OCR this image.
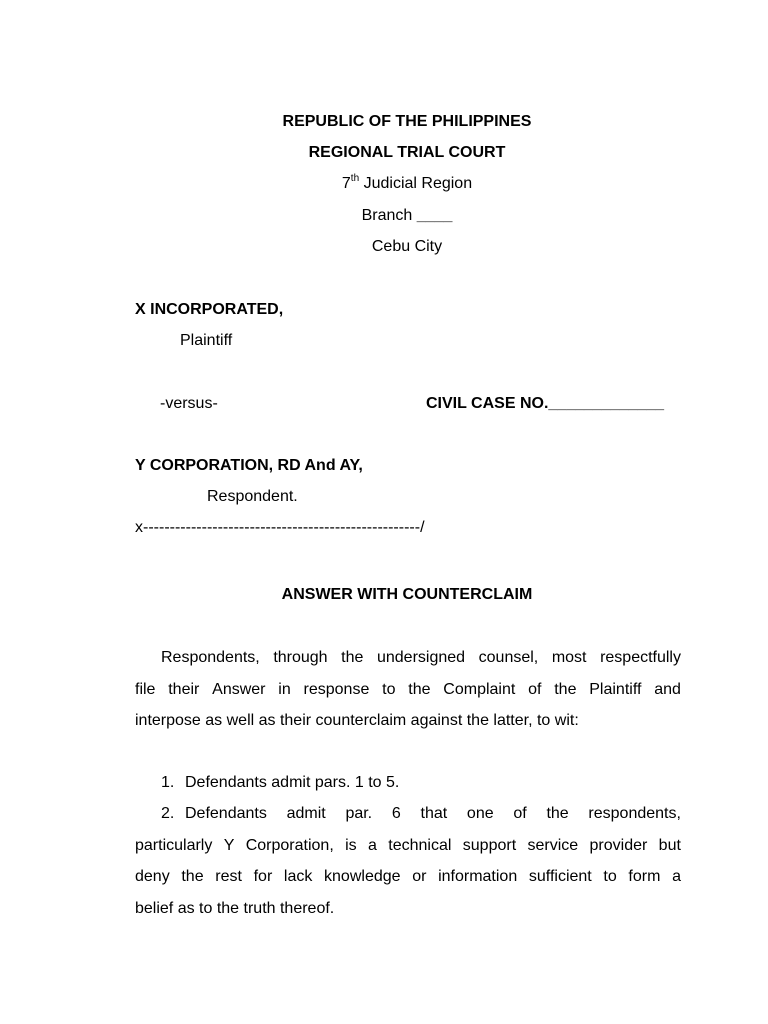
REPUBLIC OF THE PHILIPPINES
REGIONAL TRIAL COURT
7th Judicial Region
Branch ____
Cebu City
X INCORPORATED,
Plaintiff
-versus-	CIVIL CASE NO._____________
Y CORPORATION, RD And AY,
Respondent.
x----------------------------------------------------/
ANSWER WITH COUNTERCLAIM
Respondents, through the undersigned counsel, most respectfully
file their Answer in response to the Complaint of the Plaintiff and
interpose as well as their counterclaim against the latter, to wit:
1. Defendants admit pars. 1 to 5.
2. Defendants admit par. 6 that one of the respondents,
particularly Y Corporation, is a technical support service provider but
deny the rest for lack knowledge or information sufficient to form a
belief as to the truth thereof.
